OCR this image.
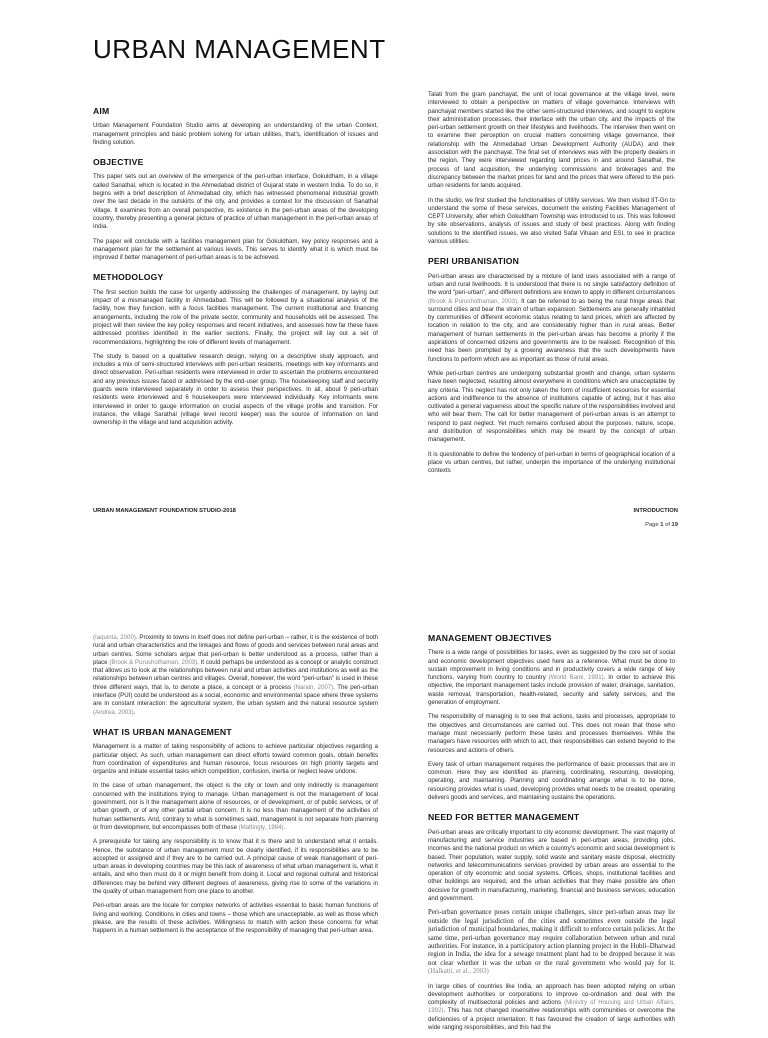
URBAN MANAGEMENT
AIM

Urban Management Foundation Studio aims at developing an understanding of the urban Context, management principles and basic problem solving for urban utilities, that's, identification of issues and finding solution.

OBJECTIVE

This paper sets out an overview of the emergence of the peri-urban interface, Gokuldham, in a village called Sanathal, which is located in the Ahmedabad district of Gujarat state in western India. To do so, it begins with a brief description of Ahmedabad city, which has witnessed phenomenal industrial growth over the last decade in the outskirts of the city, and provides a context for the discussion of Sanathal village. It examines from an overall perspective, its existence in the peri-urban areas of the developing country, thereby presenting a general picture of practice of urban management in the peri-urban areas of India.

The paper will conclude with a facilities management plan for Gokuldham, key policy responses and a management plan for the settlement at various levels. This serves to identify what it is which must be improved if better management of peri-urban areas is to be achieved.

METHODOLOGY

The first section builds the case for urgently addressing the challenges of management, by laying out impact of a mismanaged facility in Ahmedabad. This will be followed by a situational analysis of the facility, how they function, with a focus facilities management. The current institutional and financing arrangements, including the role of the private sector, community and households will be assessed. The project will then review the key policy responses and recent initiatives, and assesses how far these have addressed priorities identified in the earlier sections. Finally, the project will lay out a set of recommendations, highlighting the role of different levels of management.

The study is based on a qualitative research design, relying on a descriptive study approach, and includes a mix of semi-structured interviews with peri-urban residents, meetings with key informants and direct observation. Peri-urban residents were interviewed in order to ascertain the problems encountered and any previous issues faced or addressed by the end-user group. The housekeeping staff and security guards were interviewed separately in order to assess their perspectives. In all, about 9 peri-urban residents were interviewed and 6 housekeepers were interviewed individually. Key informants were interviewed in order to gauge information on crucial aspects of the village profile and transition. For instance, the village Sarathal (village level record keeper) was the source of information on land ownership in the village and land acquisition activity.

Talati from the gram panchayat, the unit of local governance at the village level, were interviewed to obtain a perspective on matters of village governance. Interviews with panchayat members started like the other semi-structured interviews, and sought to explore their administration processes, their interface with the urban city, and the impacts of the peri-urban settlement growth on their lifestyles and livelihoods. The interview then went on to examine their perception on crucial matters concerning village governance, their relationship with the Ahmedabad Urban Development Authority (AUDA) and their association with the panchayat. The final set of interviews was with the property dealers in the region. They were interviewed regarding land prices in and around Sanathal, the process of land acquisition, the underlying commissions and brokerages and the discrepancy between the market prices for land and the prices that were offered to the peri-urban residents for lands acquired.

In the studio, we first studied the functionalities of Utility services. We then visited IIT-Gn to understand the some of these services, document the existing Facilities Management of CEPT University, after which Gokuldham Township was introduced to us. This was followed by site observations, analysis of issues and study of best practices. Along with finding solutions to the identified issues, we also visited Safal Vihaan and ESI, to see in practice various utilities.

PERI URBANISATION

Peri-urban areas are characterised by a mixture of land uses associated with a range of urban and rural livelihoods. It is understood that there is no single satisfactory definition of the word “peri-urban”, and different definitions are known to apply in different circumstances (Brook & Purushothaman, 2003). It can be referred to as being the rural fringe areas that surround cities and bear the strain of urban expansion. Settlements are generally inhabited by communities of different economic status relating to land prices, which are affected by location in relation to the city, and are considerably higher than in rural areas. Better management of human settlements in the peri-urban areas has become a priority if the aspirations of concerned citizens and governments are to be realised. Recognition of this need has been prompted by a growing awareness that the such developments have functions to perform which are as important as those of rural areas.

While peri-urban centres are undergoing substantial growth and change, urban systems have been neglected, resulting almost everywhere in conditions which are unacceptable by any criteria. This neglect has not only taken the form of insufficient resources for essential actions and indifference to the absence of institutions capable of acting, but it has also cultivated a general vagueness about the specific nature of the responsibilities involved and who will bear them. The call for better management of peri-urban areas is an attempt to respond to past neglect. Yet much remains confused about the purposes, nature, scope, and distribution of responsibilities which may be meant by the concept of urban management.

It is questionable to define the tendency of peri-urban in terms of geographical location of a place vs urban centres, but rather, underpin the importance of the underlying institutional contexts

URBAN MANAGEMENT FOUNDATION STUDIO-2018	INTRODUCTION
Page 1 of 19

(Iaquinta, 2000). Proximity to towns in itself does not define peri-urban – rather, it is the existence of both rural and urban characteristics and the linkages and flows of goods and services between rural areas and urban centres. Some scholars argue that peri-urban is better understood as a process, rather than a place (Brook & Purushothaman, 2003). It could perhaps be understood as a concept or analytic construct that allows us to look at the relationships between rural and urban activities and institutions as well as the relationships between urban centres and villages. Overall, however, the word “peri-urban” is used in these three different ways, that is, to denote a place, a concept or a process (Narain, 2007). The peri-urban interface (PUI) could be understood as a social, economic and environmental space where three systems are in constant interaction: the agricultural system, the urban system and the natural resource system (Andrea, 2003).

WHAT IS URBAN MANAGEMENT

Management is a matter of taking responsibility of actions to achieve particular objectives regarding a particular object. As such, urban management can direct efforts toward common goals, obtain benefits from coordination of expenditures and human resource, focus resources on high priority targets and organize and initiate essential tasks which competition, confusion, inertia or neglect leave undone.

In the case of urban management, the object is the city or town and only indirectly is management concerned with the institutions trying to manage. Urban management is not the management of local government, nor is it the management alone of resources, or of development, or of public services, or of urban growth, or of any other partial urban concern. It is no less than management of the activities of human settlements. And, contrary to what is sometimes said, management is not separate from planning or from development, but encompasses both of these (Mattingly, 1994).

A prerequisite for taking any responsibility is to know that it is there and to understand what it entails. Hence, the substance of urban management must be clearly identified, if its responsibilities are to be accepted or assigned and if they are to be carried out. A principal cause of weak management of peri-urban areas in developing countries may be this lack of awareness of what urban management is, what it entails, and who then must do it or might benefit from doing it. Local and regional cultural and historical differences may be behind very different degrees of awareness, giving rise to some of the variations in the quality of urban management from one place to another.

Peri-urban areas are the locale for complex networks of activities essential to basic human functions of living and working. Conditions in cities and towns – those which are unacceptable, as well as those which please, are the results of these activities. Willingness to match with action these concerns for what happens in a human settlement is the acceptance of the responsibility of managing that peri-urban area.

MANAGEMENT OBJECTIVES

There is a wide range of possibilities for tasks, even as suggested by the core set of social and economic development objectives used here as a reference. What must be done to sustain improvement in living conditions and in productivity covers a wide range of key functions, varying from country to country (World Bank, 1991). In order to achieve this objective, the important management tasks include provision of water, drainage, sanitation, waste removal, transportation, health-related, security and safety services, and the generation of employment.

The responsibility of managing is to see that actions, tasks and processes, appropriate to the objectives and circumstances are carried out. This does not mean that those who manage must necessarily perform these tasks and processes themselves. While the managers have resources with which to act, their responsibilities can extend beyond to the resources and actions of others.

Every task of urban management requires the performance of basic processes that are in common. Here they are identified as planning, coordinating, resourcing, developing, operating, and maintaining. Planning and coordinating arrange what is to be done, resourcing provides what is used, developing provides what needs to be created, operating delivers goods and services, and maintaining sustains the operations.

NEED FOR BETTER MANAGEMENT

Peri-urban areas are critically important to city economic development. The vast majority of manufacturing and service industries are based in peri-urban areas, providing jobs, incomes and the national product on which a country's economic and social development is based. Their population, water supply, solid waste and sanitary waste disposal, electricity networks and telecommunications services provided by urban areas are essential to the operation of city economic and social systems. Offices, shops, institutional facilities and other buildings are required, and the urban activities that they make possible are often decisive for growth in manufacturing, marketing, financial and business services, education and government.

Peri-urban governance poses certain unique challenges, since peri-urban areas may lie outside the legal jurisdiction of the cities and sometimes even outside the legal jurisdiction of municipal boundaries, making it difficult to enforce certain policies. At the same time, peri-urban governance may require collaboration between urban and rural authorities. For instance, in a participatory action planning project in the Hubli–Dharwad region in India, the idea for a sewage treatment plant had to be dropped because it was not clear whether it was the urban or the rural government who would pay for it. (Halkatti, et al., 2003)

In large cities of countries like India, an approach has been adopted relying on urban development authorities or corporations to improve co-ordination and deal with the complexity of multisectoral policies and actions (Ministry of Housing and Urban Affairs, 1992). This has not changed insensitive relationships with communities or overcome the deficiencies of a project orientation. It has favoured the creation of large authorities with wide ranging responsibilities, and this had the
